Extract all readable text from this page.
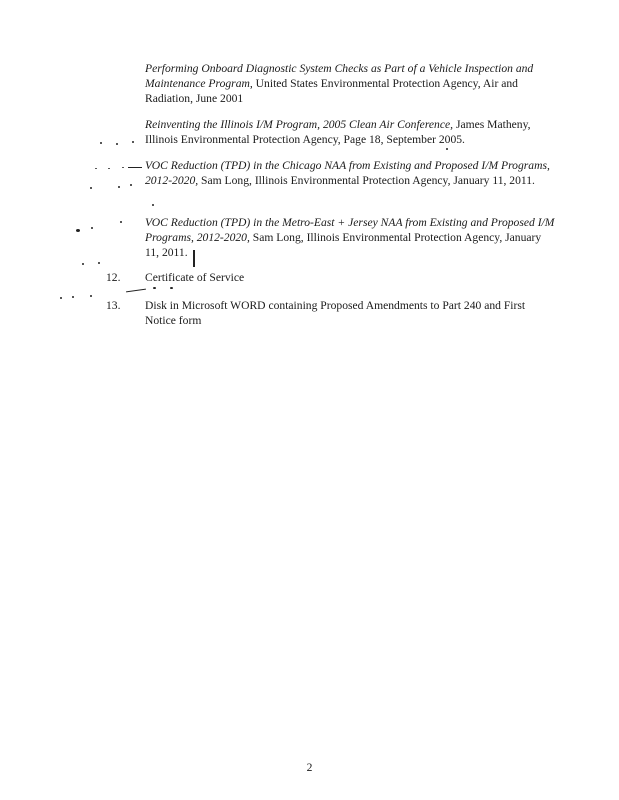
Performing Onboard Diagnostic System Checks as Part of a Vehicle Inspection and Maintenance Program, United States Environmental Protection Agency, Air and Radiation, June 2001
Reinventing the Illinois I/M Program, 2005 Clean Air Conference, James Matheny, Illinois Environmental Protection Agency, Page 18, September 2005.
VOC Reduction (TPD) in the Chicago NAA from Existing and Proposed I/M Programs, 2012-2020, Sam Long, Illinois Environmental Protection Agency, January 11, 2011.
VOC Reduction (TPD) in the Metro-East + Jersey NAA from Existing and Proposed I/M Programs, 2012-2020, Sam Long, Illinois Environmental Protection Agency, January 11, 2011.
12. Certificate of Service
13. Disk in Microsoft WORD containing Proposed Amendments to Part 240 and First Notice form
2
